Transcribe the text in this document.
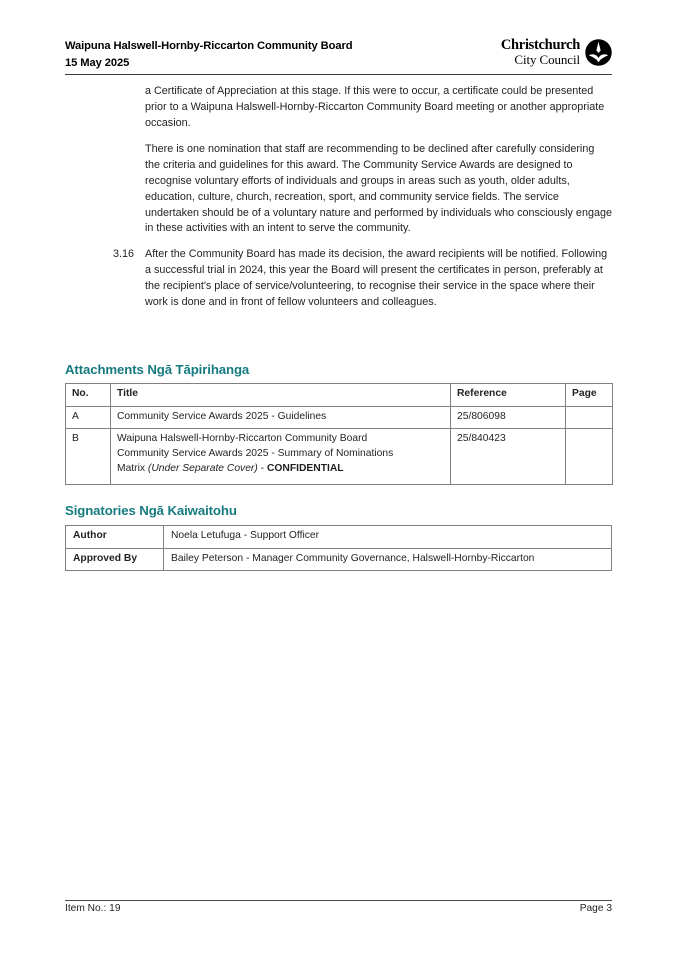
Waipuna Halswell-Hornby-Riccarton Community Board
15 May 2025
Christchurch
City Council

a Certificate of Appreciation at this stage. If this were to occur, a certificate could be presented prior to a Waipuna Halswell-Hornby-Riccarton Community Board meeting or another appropriate occasion.

There is one nomination that staff are recommending to be declined after carefully considering the criteria and guidelines for this award. The Community Service Awards are designed to recognise voluntary efforts of individuals and groups in areas such as youth, older adults, education, culture, church, recreation, sport, and community service fields. The service undertaken should be of a voluntary nature and performed by individuals who consciously engage in these activities with an intent to serve the community.

3.16	After the Community Board has made its decision, the award recipients will be notified. Following a successful trial in 2024, this year the Board will present the certificates in person, preferably at the recipient's place of service/volunteering, to recognise their service in the space where their work is done and in front of fellow volunteers and colleagues.
Attachments Ngā Tāpirihanga
No.	Title	Reference	Page
A	Community Service Awards 2025 - Guidelines	25/806098	
B	Waipuna Halswell-Hornby-Riccarton Community Board
Community Service Awards 2025 - Summary of Nominations
Matrix (Under Separate Cover) - CONFIDENTIAL	25/840423	
Signatories Ngā Kaiwaitohu
Author	Noela Letufuga - Support Officer
Approved By	Bailey Peterson - Manager Community Governance, Halswell-Hornby-Riccarton
Item No.: 19	Page 3
